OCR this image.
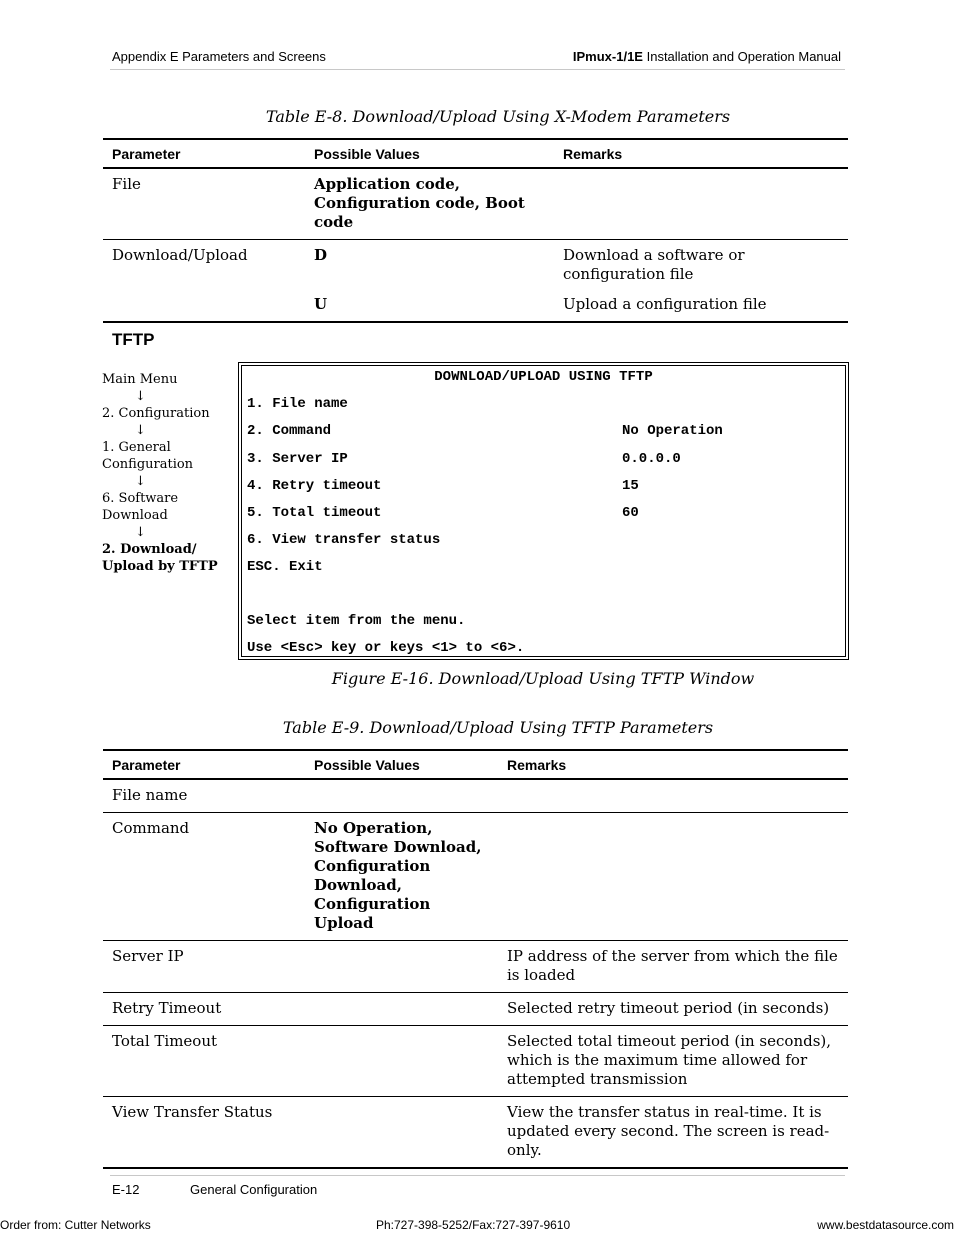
Appendix E Parameters and Screens	IPmux-1/1E Installation and Operation Manual
Table E-8. Download/Upload Using X-Modem Parameters
Parameter	Possible Values	Remarks
File	Application code,
Configuration code, Boot code	

Download/Upload	D	Download a software or configuration file
	U	Upload a configuration file
TFTP
Main Menu
↓
2. Configuration
↓
1. General Configuration
↓
6. Software Download
↓
2. Download/ Upload by TFTP
DOWNLOAD/UPLOAD USING TFTP
1. File name
2. Command	No Operation
3. Server IP	0.0.0.0
4. Retry timeout	15
5. Total timeout	60
6. View transfer status
ESC. Exit
Select item from the menu.
Use <Esc> key or keys <1> to <6>.
Figure E-16. Download/Upload Using TFTP Window
Table E-9. Download/Upload Using TFTP Parameters
Parameter	Possible Values	Remarks
File name		
Command	No Operation,
Software Download,
Configuration Download,
Configuration Upload	

Server IP		IP address of the server from which the file is loaded
Retry Timeout		Selected retry timeout period (in seconds)
Total Timeout		Selected total timeout period (in seconds), which is the maximum time allowed for attempted transmission
View Transfer Status		View the transfer status in real-time. It is updated every second. The screen is read-only.
E-12	General Configuration
Order from: Cutter Networks	Ph:727-398-5252/Fax:727-397-9610	www.bestdatasource.com
